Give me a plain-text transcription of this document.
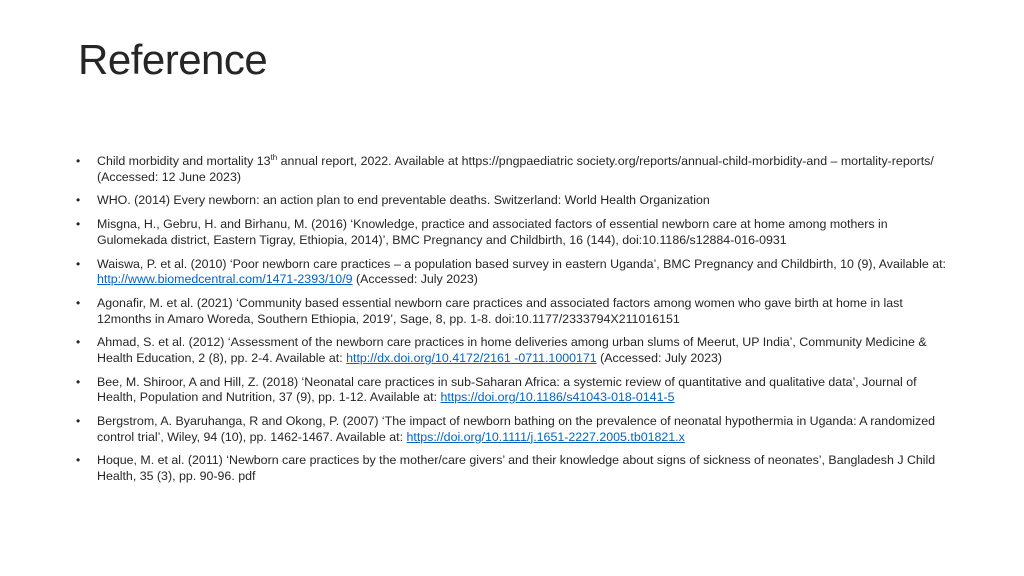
Reference
• Child morbidity and mortality 13th annual report, 2022. Available at https://pngpaediatric society.org/reports/annual-child-morbidity-and – mortality-reports/ (Accessed: 12 June 2023)
• WHO. (2014) Every newborn: an action plan to end preventable deaths. Switzerland: World Health Organization
• Misgna, H., Gebru, H. and Birhanu, M. (2016) ‘Knowledge, practice and associated factors of essential newborn care at home among mothers in Gulomekada district, Eastern Tigray, Ethiopia, 2014)’, BMC Pregnancy and Childbirth, 16 (144), doi:10.1186/s12884-016-0931
• Waiswa, P. et al. (2010) ‘Poor newborn care practices – a population based survey in eastern Uganda’, BMC Pregnancy and Childbirth, 10 (9), Available at: http://www.biomedcentral.com/1471-2393/10/9 (Accessed: July 2023)
• Agonafir, M. et al. (2021) ‘Community based essential newborn care practices and associated factors among women who gave birth at home in last 12months in Amaro Woreda, Southern Ethiopia, 2019’, Sage, 8, pp. 1-8. doi:10.1177/2333794X211016151
• Ahmad, S. et al. (2012) ‘Assessment of the newborn care practices in home deliveries among urban slums of Meerut, UP India’, Community Medicine & Health Education, 2 (8), pp. 2-4. Available at: http://dx.doi.org/10.4172/2161 -0711.1000171 (Accessed: July 2023)
• Bee, M. Shiroor, A and Hill, Z. (2018) ‘Neonatal care practices in sub-Saharan Africa: a systemic review of quantitative and qualitative data’, Journal of Health, Population and Nutrition, 37 (9), pp. 1-12. Available at: https://doi.org/10.1186/s41043-018-0141-5
• Bergstrom, A. Byaruhanga, R and Okong, P. (2007) ‘The impact of newborn bathing on the prevalence of neonatal hypothermia in Uganda: A randomized control trial’, Wiley, 94 (10), pp. 1462-1467. Available at: https://doi.org/10.1111/j.1651-2227.2005.tb01821.x
• Hoque, M. et al. (2011) ‘Newborn care practices by the mother/care givers’ and their knowledge about signs of sickness of neonates’, Bangladesh J Child Health, 35 (3), pp. 90-96. pdf
